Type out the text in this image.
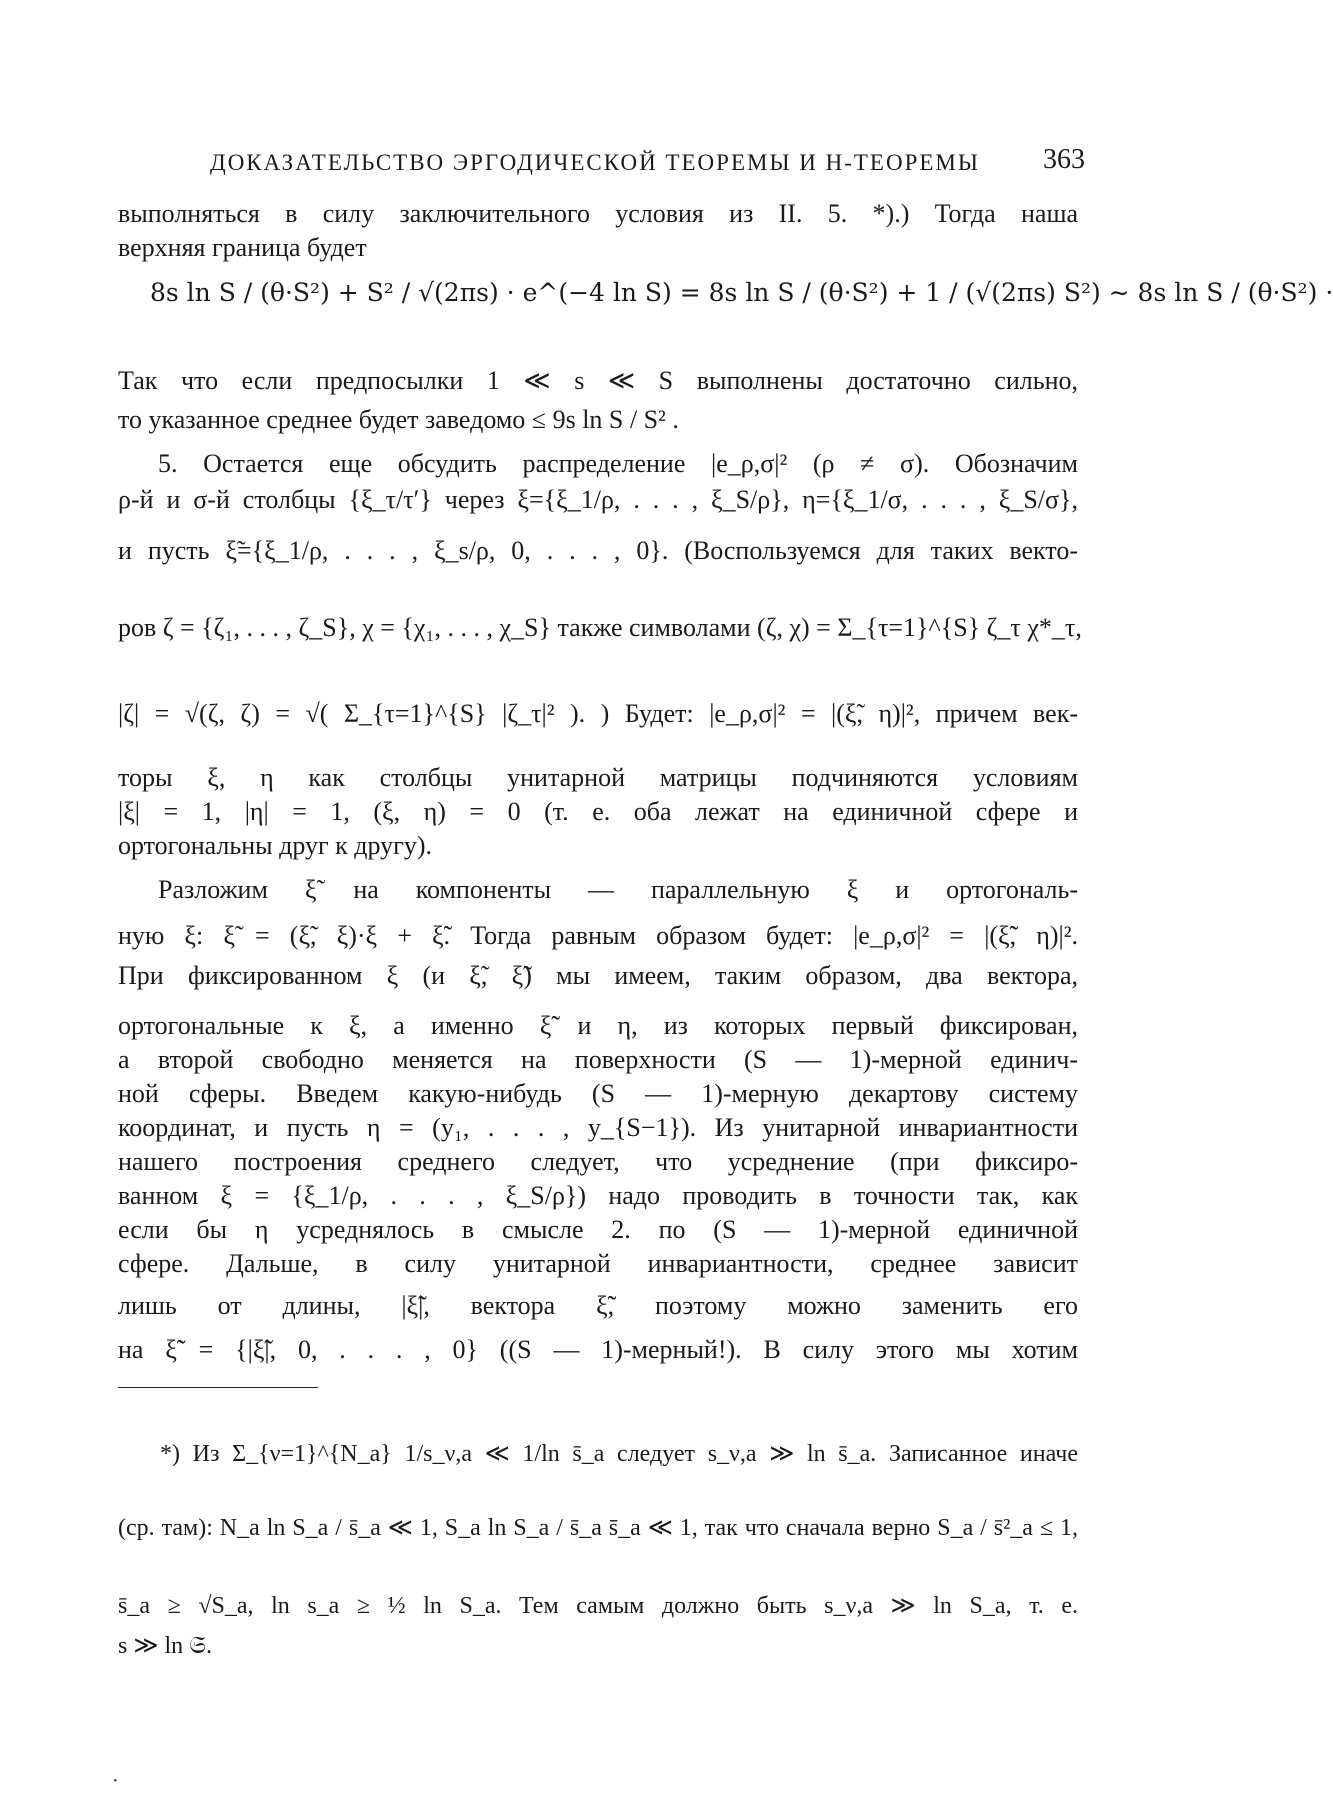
ДОКАЗАТЕЛЬСТВО ЭРГОДИЧЕСКОЙ ТЕОРЕМЫ И H-ТЕОРЕМЫ 363
выполняться в силу заключительного условия из II. 5. *).) Тогда наша
верхняя граница будет
8s ln S / (θ·S²) + S² / √(2πs) · e^(−4 ln S) = 8s ln S / (θ·S²) + 1 / (√(2πs) S²) ∼ 8s ln S / (θ·S²) ·
Так что если предпосылки 1 ≪ s ≪ S выполнены достаточно сильно,
то указанное среднее будет заведомо ≤ 9s ln S / S² .
5. Остается еще обсудить распределение |e_ρ,σ|² (ρ ≠ σ). Обозначим
ρ-й и σ-й столбцы {ξ_τ/τ′} через ξ={ξ_1/ρ, . . . , ξ_S/ρ}, η={ξ_1/σ, . . . , ξ_S/σ},
и пусть ξ̃={ξ_1/ρ, . . . , ξ_s/ρ, 0, . . . , 0}. (Воспользуемся для таких векто-
ров ζ = {ζ₁, . . . , ζ_S}, χ = {χ₁, . . . , χ_S} также символами (ζ, χ) = Σ_{τ=1}^{S} ζ_τ χ*_τ,
|ζ| = √(ζ, ζ) = √( Σ_{τ=1}^{S} |ζ_τ|² ). ) Будет: |e_ρ,σ|² = |(ξ̃, η)|², причем век-
торы ξ, η как столбцы унитарной матрицы подчиняются условиям
|ξ| = 1, |η| = 1, (ξ, η) = 0 (т. е. оба лежат на единичной сфере и
ортогональны друг к другу).
Разложим ξ̃ на компоненты — параллельную ξ и ортогональ-
ную ξ: ξ̃ = (ξ̃, ξ)·ξ + ξ̃̃. Тогда равным образом будет: |e_ρ,σ|² = |(ξ̃̃, η)|².
При фиксированном ξ (и ξ̃, ξ̃̃) мы имеем, таким образом, два вектора,
ортогональные к ξ, а именно ξ̃̃ и η, из которых первый фиксирован,
а второй свободно меняется на поверхности (S — 1)-мерной единич-
ной сферы. Введем какую-нибудь (S — 1)-мерную декартову систему
координат, и пусть η = (y₁, . . . , y_{S−1}). Из унитарной инвариантности
нашего построения среднего следует, что усреднение (при фиксиро-
ванном ξ = {ξ_1/ρ, . . . , ξ_S/ρ}) надо проводить в точности так, как
если бы η усреднялось в смысле 2. по (S — 1)-мерной единичной
сфере. Дальше, в силу унитарной инвариантности, среднее зависит
лишь от длины, |ξ̃̃|, вектора ξ̃̃, поэтому можно заменить его
на ξ̃̃ = {|ξ̃̃|, 0, . . . , 0} ((S — 1)-мерный!). В силу этого мы хотим
*) Из Σ_{ν=1}^{N_a} 1/s_ν,a ≪ 1/ln s̄_a следует s_ν,a ≫ ln s̄_a. Записанное иначе
(ср. там): N_a ln S_a / s̄_a ≪ 1, S_a ln S_a / s̄_a s̄̄_a ≪ 1, так что сначала верно S_a / s̄²_a ≤ 1,
s̄_a ≥ √S_a, ln s_a ≥ ½ ln S_a. Тем самым должно быть s_ν,a ≫ ln S_a, т. е.
s ≫ ln 𝔖.
·
